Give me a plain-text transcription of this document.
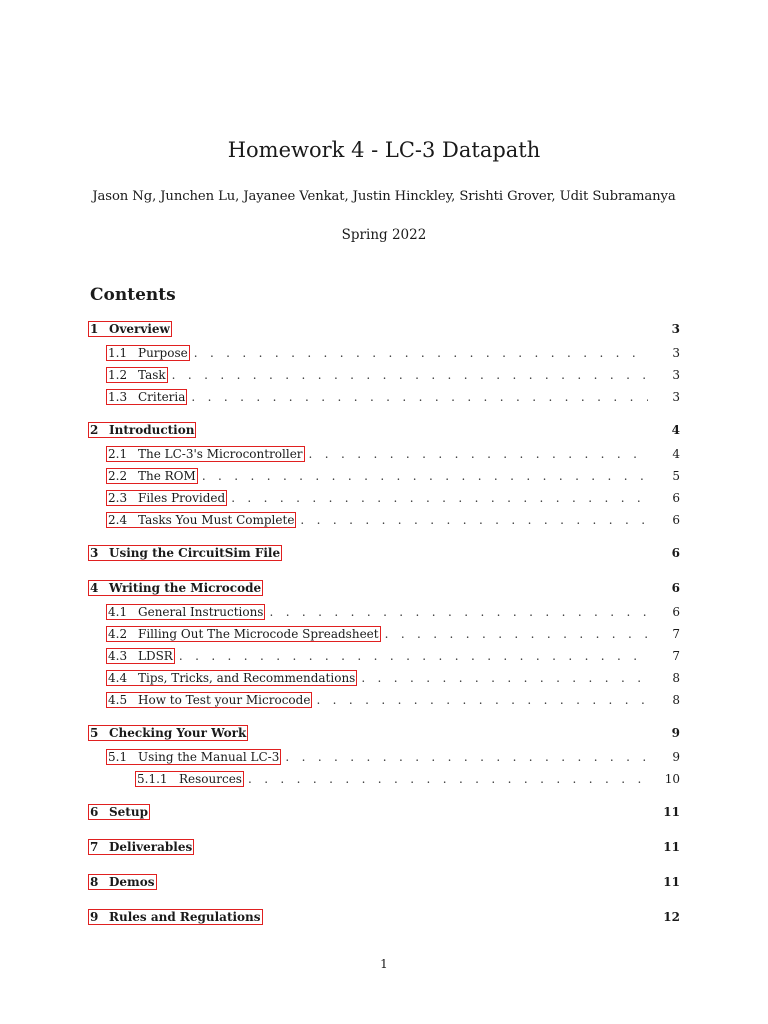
Homework 4 - LC-3 Datapath
Jason Ng, Junchen Lu, Jayanee Venkat, Justin Hinckley, Srishti Grover, Udit Subramanya
Spring 2022
Contents
1 Overview	3
1.1 Purpose . . .	3
1.2 Task . . .	3
1.3 Criteria . . .	3
2 Introduction	4
2.1 The LC-3's Microcontroller . . .	4
2.2 The ROM . . .	5
2.3 Files Provided . . .	6
2.4 Tasks You Must Complete . . .	6
3 Using the CircuitSim File	6
4 Writing the Microcode	6
4.1 General Instructions . . .	6
4.2 Filling Out The Microcode Spreadsheet . . .	7
4.3 LDSR . . .	7
4.4 Tips, Tricks, and Recommendations . . .	8
4.5 How to Test your Microcode . . .	8
5 Checking Your Work	9
5.1 Using the Manual LC-3 . . .	9
5.1.1 Resources . . .	10
6 Setup	11
7 Deliverables	11
8 Demos	11
9 Rules and Regulations	12
1
